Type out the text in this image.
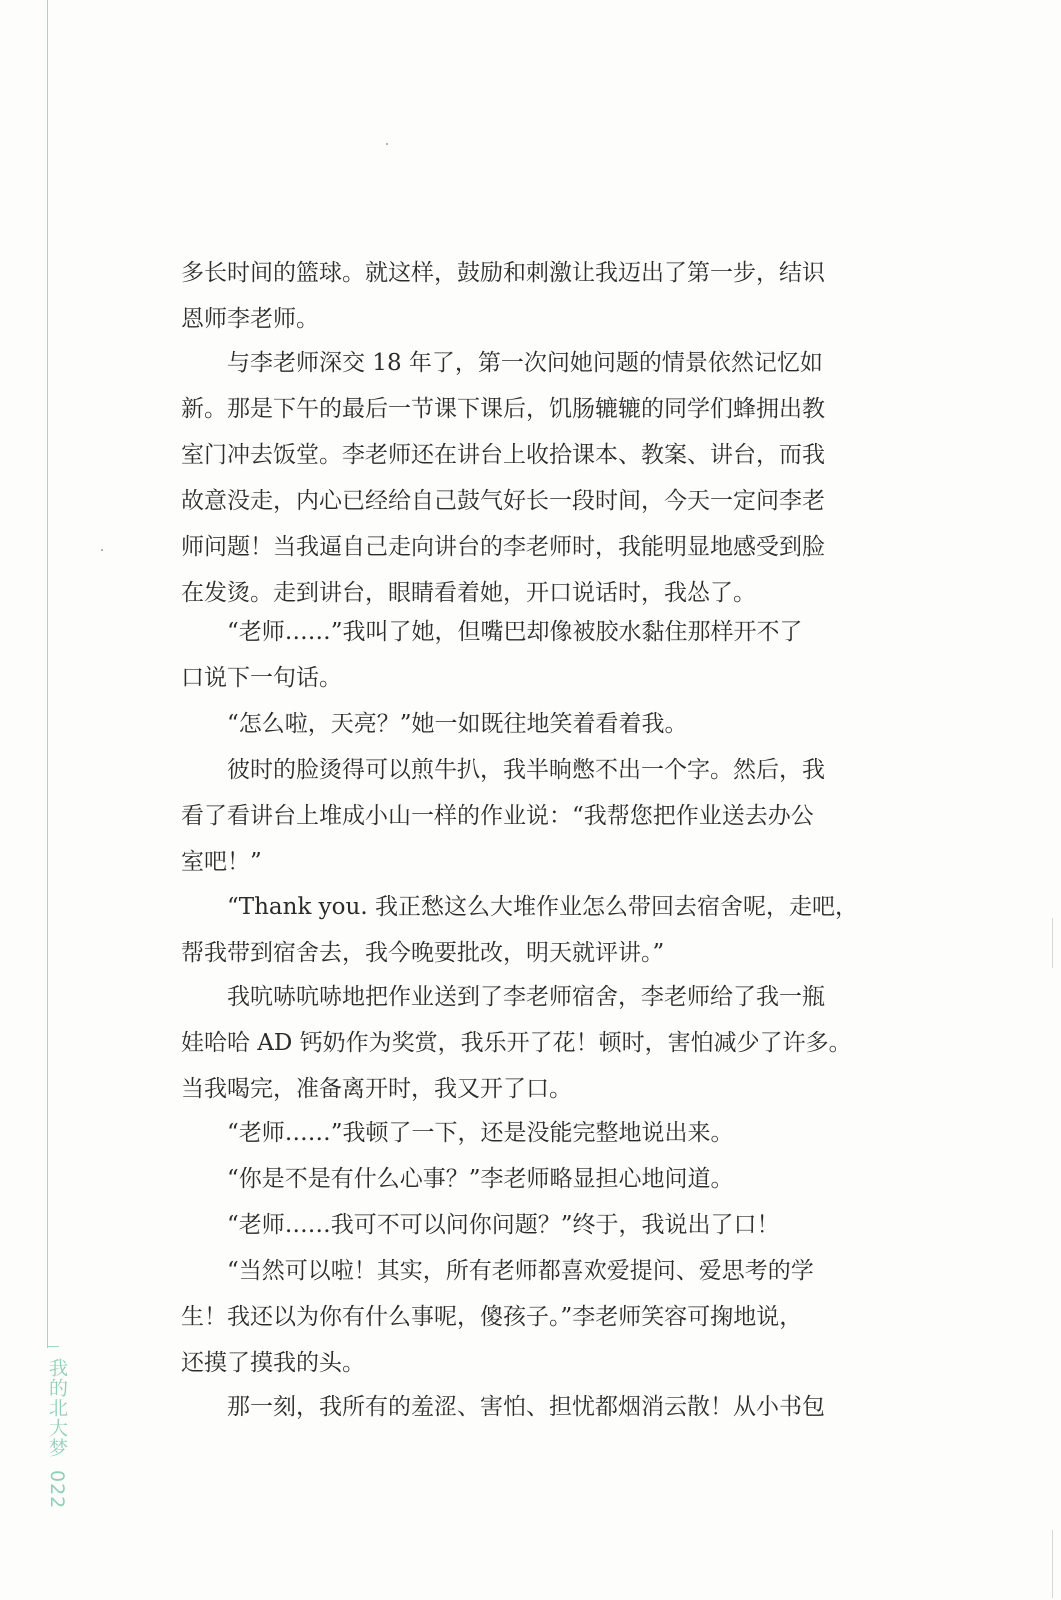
我的北大梦022
多长时间的篮球。就这样，鼓励和刺激让我迈出了第一步，结识
恩师李老师。
与李老师深交 18 年了，第一次问她问题的情景依然记忆如
新。那是下午的最后一节课下课后，饥肠辘辘的同学们蜂拥出教
室门冲去饭堂。李老师还在讲台上收拾课本、教案、讲台，而我
故意没走，内心已经给自己鼓气好长一段时间，今天一定问李老
师问题！当我逼自己走向讲台的李老师时，我能明显地感受到脸
在发烫。走到讲台，眼睛看着她，开口说话时，我怂了。
“老师……”我叫了她，但嘴巴却像被胶水黏住那样开不了
口说下一句话。
“怎么啦，天亮？”她一如既往地笑着看着我。
彼时的脸烫得可以煎牛扒，我半晌憋不出一个字。然后，我
看了看讲台上堆成小山一样的作业说：“我帮您把作业送去办公
室吧！”
“Thank you. 我正愁这么大堆作业怎么带回去宿舍呢，走吧，
帮我带到宿舍去，我今晚要批改，明天就评讲。”
我吭哧吭哧地把作业送到了李老师宿舍，李老师给了我一瓶
娃哈哈 AD 钙奶作为奖赏，我乐开了花！顿时，害怕减少了许多。
当我喝完，准备离开时，我又开了口。
“老师……”我顿了一下，还是没能完整地说出来。
“你是不是有什么心事？”李老师略显担心地问道。
“老师……我可不可以问你问题？”终于，我说出了口！
“当然可以啦！其实，所有老师都喜欢爱提问、爱思考的学
生！我还以为你有什么事呢，傻孩子。”李老师笑容可掬地说，
还摸了摸我的头。
那一刻，我所有的羞涩、害怕、担忧都烟消云散！从小书包
